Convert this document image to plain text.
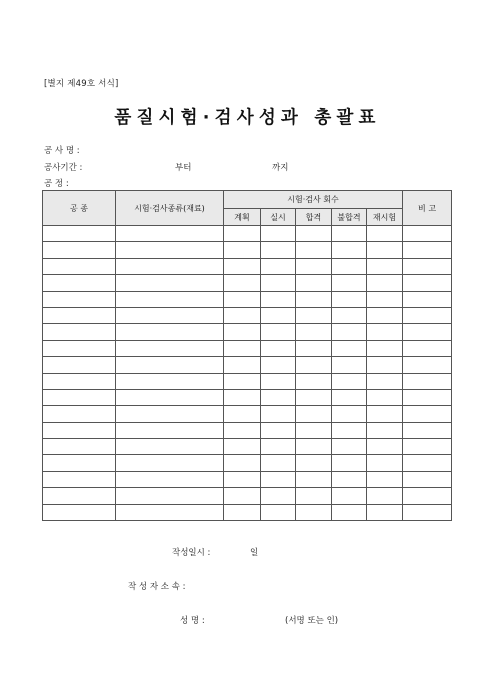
[별지 제49호 서식]
품질시험·검사성과 총괄표
공 사 명 :
공사기간 :	부터	까지
공 정 :
공 종	시험·검사종류(재료)	시험·검사 회수					비 고
		계획	실시	합격	불합격	재시험	

작성일시 :	일
작 성 자 소 속 :
성 명 :	(서명 또는 인)
